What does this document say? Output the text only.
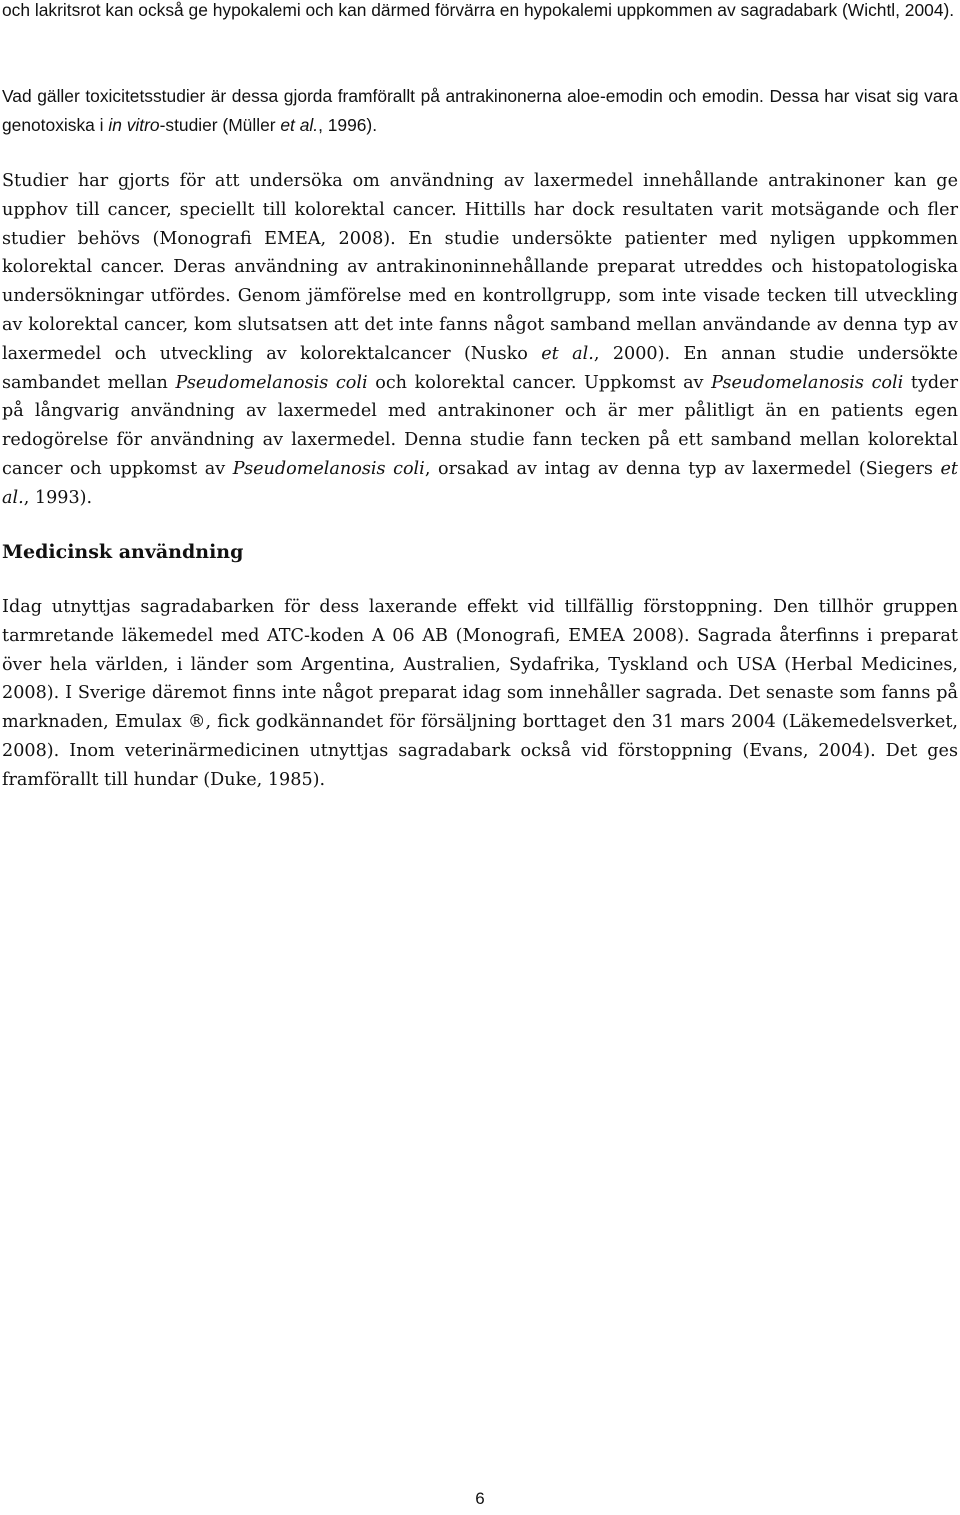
och lakritsrot kan också ge hypokalemi och kan därmed förvärra en hypokalemi uppkommen av sagradabark (Wichtl, 2004).

Vad gäller toxicitetsstudier är dessa gjorda framförallt på antrakinonerna aloe-emodin och emodin. Dessa har visat sig vara genotoxiska i in vitro-studier (Müller et al., 1996).

Studier har gjorts för att undersöka om användning av laxermedel innehållande antrakinoner kan ge upphov till cancer, speciellt till kolorektal cancer. Hittills har dock resultaten varit motsägande och fler studier behövs (Monografi EMEA, 2008). En studie undersökte patienter med nyligen uppkommen kolorektal cancer. Deras användning av antrakinoninnehållande preparat utreddes och histopatologiska undersökningar utfördes. Genom jämförelse med en kontrollgrupp, som inte visade tecken till utveckling av kolorektal cancer, kom slutsatsen att det inte fanns något samband mellan användande av denna typ av laxermedel och utveckling av kolorektalcancer (Nusko et al., 2000). En annan studie undersökte sambandet mellan Pseudomelanosis coli och kolorektal cancer. Uppkomst av Pseudomelanosis coli tyder på långvarig användning av laxermedel med antrakinoner och är mer pålitligt än en patients egen redogörelse för användning av laxermedel. Denna studie fann tecken på ett samband mellan kolorektal cancer och uppkomst av Pseudomelanosis coli, orsakad av intag av denna typ av laxermedel (Siegers et al., 1993).

Medicinsk användning

Idag utnyttjas sagradabarken för dess laxerande effekt vid tillfällig förstoppning. Den tillhör gruppen tarmretande läkemedel med ATC-koden A 06 AB (Monografi, EMEA 2008). Sagrada återfinns i preparat över hela världen, i länder som Argentina, Australien, Sydafrika, Tyskland och USA (Herbal Medicines, 2008). I Sverige däremot finns inte något preparat idag som innehåller sagrada. Det senaste som fanns på marknaden, Emulax ®, fick godkännandet för försäljning borttaget den 31 mars 2004 (Läkemedelsverket, 2008). Inom veterinärmedicinen utnyttjas sagradabark också vid förstoppning (Evans, 2004). Det ges framförallt till hundar (Duke, 1985).

6
